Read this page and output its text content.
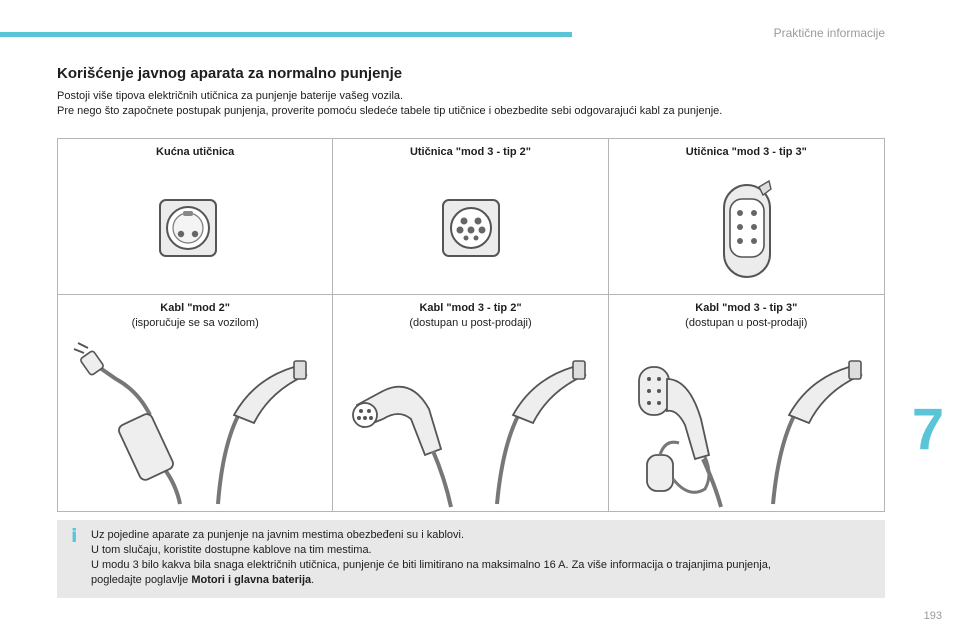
Praktične informacije
7
Korišćenje javnog aparata za normalno punjenje

Postoji više tipova električnih utičnica za punjenje baterije vašeg vozila.

Pre nego što započnete postupak punjenja, proverite pomoću sledeće tabele tip utičnice i obezbedite sebi odgovarajući kabl za punjenje.

Kućna utičnica	Utičnica "mod 3 - tip 2"	Utičnica "mod 3 - tip 3"
Kabl "mod 2"
(isporučuje se sa vozilom)
Kabl "mod 3 - tip 2"
(dostupan u post-prodaji)
Kabl "mod 3 - tip 3"
(dostupan u post-prodaji)
i Uz pojedine aparate za punjenje na javnim mestima obezbeđeni su i kablovi.

U tom slučaju, koristite dostupne kablove na tim mestima.

U modu 3 bilo kakva bila snaga električnih utičnica, punjenje će biti limitirano na maksimalno 16 A. Za više informacija o trajanjima punjenja,

pogledajte poglavlje Motori i glavna baterija.

193
